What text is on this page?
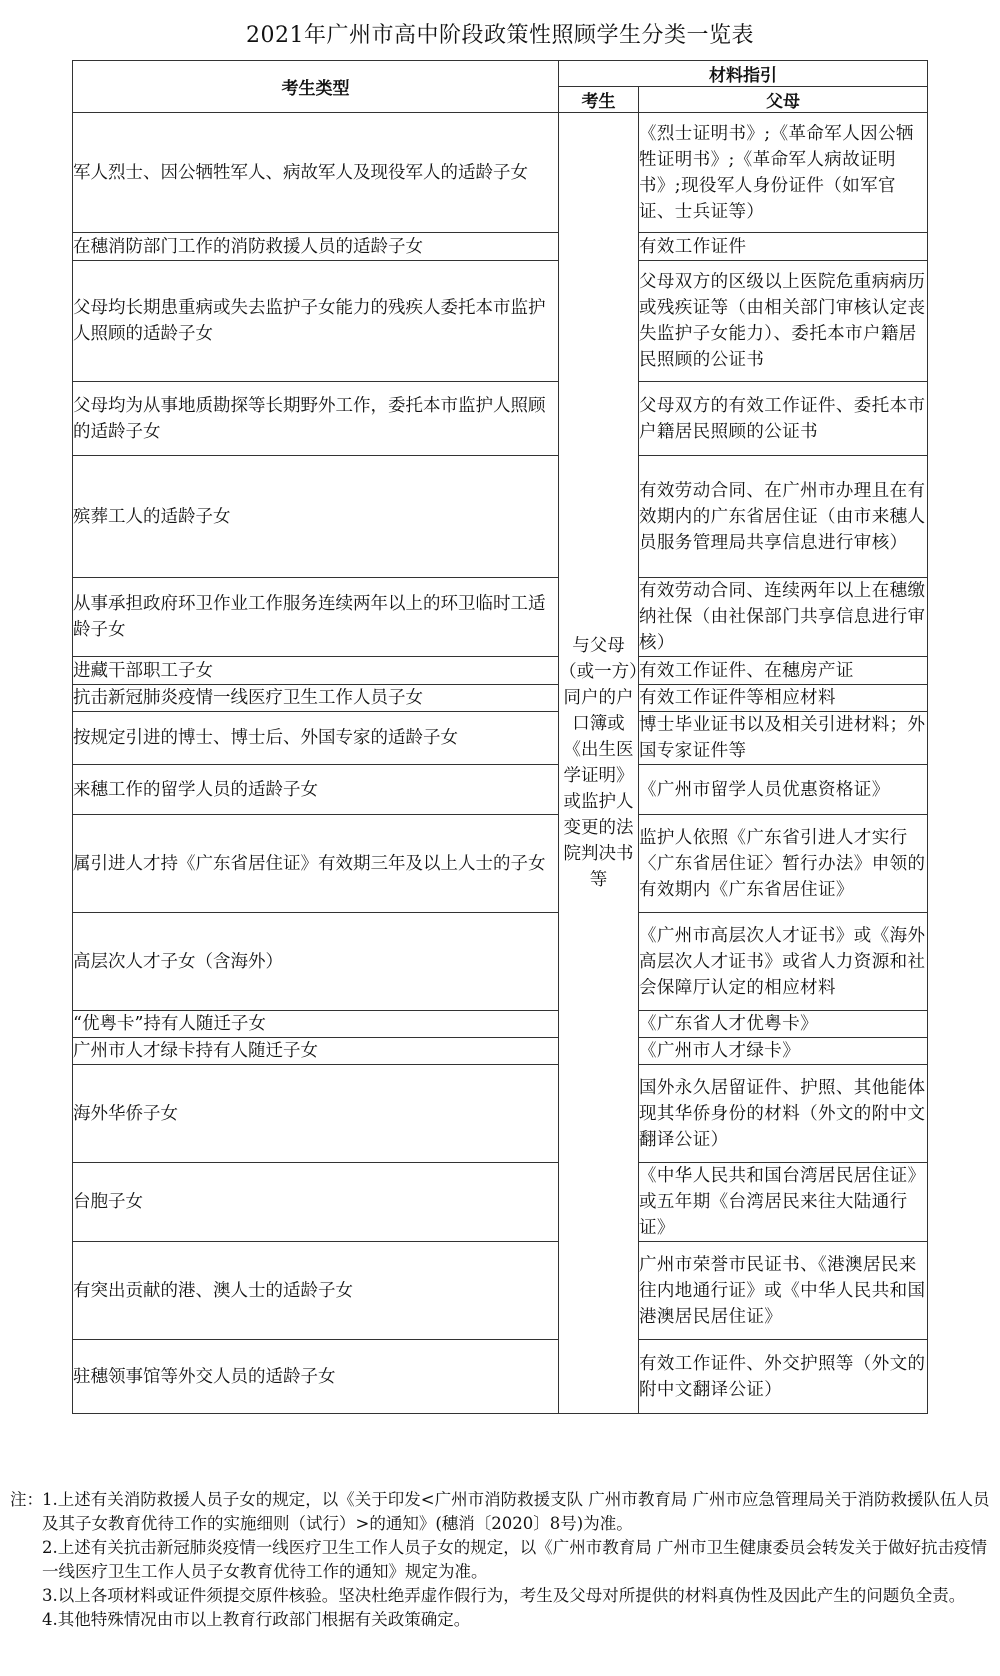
2021年广州市高中阶段政策性照顾学生分类一览表
考生类型	材料指引	
	考生	父母
军人烈士、因公牺牲军人、病故军人及现役军人的适龄子女	与父母（或一方）同户的户口簿或《出生医学证明》或监护人变更的法院判决书等	《烈士证明书》;《革命军人因公牺牲证明书》;《革命军人病故证明书》;现役军人身份证件（如军官证、士兵证等）
在穗消防部门工作的消防救援人员的适龄子女		有效工作证件
父母均长期患重病或失去监护子女能力的残疾人委托本市监护人照顾的适龄子女		父母双方的区级以上医院危重病病历或残疾证等（由相关部门审核认定丧失监护子女能力）、委托本市户籍居民照顾的公证书
父母均为从事地质勘探等长期野外工作，委托本市监护人照顾的适龄子女		父母双方的有效工作证件、委托本市户籍居民照顾的公证书
殡葬工人的适龄子女		有效劳动合同、在广州市办理且在有效期内的广东省居住证（由市来穗人员服务管理局共享信息进行审核）
从事承担政府环卫作业工作服务连续两年以上的环卫临时工适龄子女		有效劳动合同、连续两年以上在穗缴纳社保（由社保部门共享信息进行审核）
进藏干部职工子女		有效工作证件、在穗房产证
抗击新冠肺炎疫情一线医疗卫生工作人员子女		有效工作证件等相应材料
按规定引进的博士、博士后、外国专家的适龄子女		博士毕业证书以及相关引进材料；外国专家证件等
来穗工作的留学人员的适龄子女		《广州市留学人员优惠资格证》
属引进人才持《广东省居住证》有效期三年及以上人士的子女		监护人依照《广东省引进人才实行〈广东省居住证〉暂行办法》申领的有效期内《广东省居住证》
高层次人才子女（含海外）		《广州市高层次人才证书》或《海外高层次人才证书》或省人力资源和社会保障厅认定的相应材料
“优粤卡”持有人随迁子女		《广东省人才优粤卡》
广州市人才绿卡持有人随迁子女		《广州市人才绿卡》
海外华侨子女		国外永久居留证件、护照、其他能体现其华侨身份的材料（外文的附中文翻译公证）
台胞子女		《中华人民共和国台湾居民居住证》或五年期《台湾居民来往大陆通行证》
有突出贡献的港、澳人士的适龄子女		广州市荣誉市民证书、《港澳居民来往内地通行证》或《中华人民共和国港澳居民居住证》
驻穗领事馆等外交人员的适龄子女		有效工作证件、外交护照等（外文的附中文翻译公证）
注： 1.上述有关消防救援人员子女的规定，以《关于印发<广州市消防救援支队 广州市教育局 广州市应急管理局关于消防救援队伍人员及其子女教育优待工作的实施细则（试行）>的通知》(穗消〔2020〕8号)为准。

2.上述有关抗击新冠肺炎疫情一线医疗卫生工作人员子女的规定，以《广州市教育局 广州市卫生健康委员会转发关于做好抗击疫情一线医疗卫生工作人员子女教育优待工作的通知》规定为准。

3.以上各项材料或证件须提交原件核验。坚决杜绝弄虚作假行为，考生及父母对所提供的材料真伪性及因此产生的问题负全责。

4.其他特殊情况由市以上教育行政部门根据有关政策确定。
